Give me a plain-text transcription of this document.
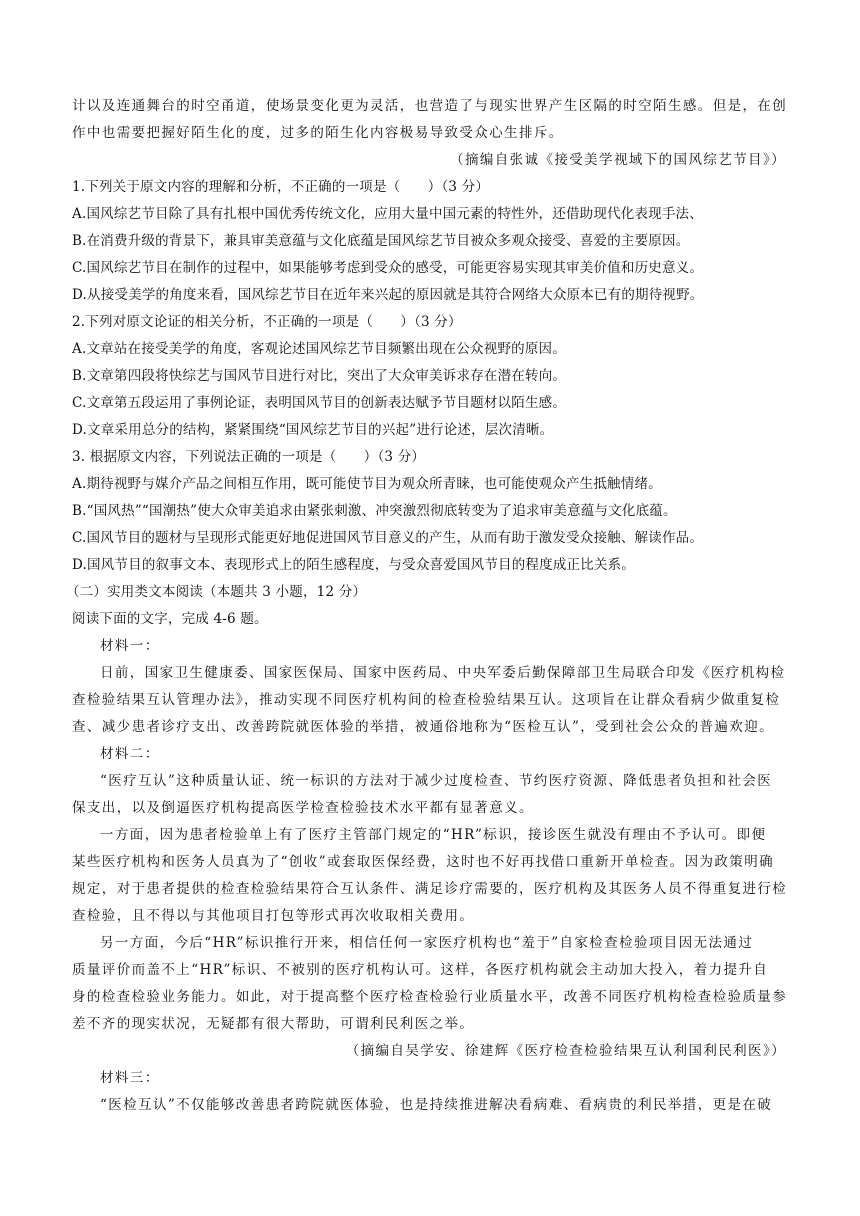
计以及连通舞台的时空甬道，使场景变化更为灵活，也营造了与现实世界产生区隔的时空陌生感。但是，在创
作中也需要把握好陌生化的度，过多的陌生化内容极易导致受众心生排斥。
（摘编自张诚《接受美学视域下的国风综艺节目》）
1.下列关于原文内容的理解和分析，不正确的一项是（　　）（3 分）
A.国风综艺节目除了具有扎根中国优秀传统文化，应用大量中国元素的特性外，还借助现代化表现手法、
B.在消费升级的背景下，兼具审美意蕴与文化底蕴是国风综艺节目被众多观众接受、喜爱的主要原因。
C.国风综艺节目在制作的过程中，如果能够考虑到受众的感受，可能更容易实现其审美价值和历史意义。
D.从接受美学的角度来看，国风综艺节目在近年来兴起的原因就是其符合网络大众原本已有的期待视野。
2.下列对原文论证的相关分析，不正确的一项是（　　）（3 分）
A.文章站在接受美学的角度，客观论述国风综艺节目频繁出现在公众视野的原因。
B.文章第四段将快综艺与国风节目进行对比，突出了大众审美诉求存在潜在转向。
C.文章第五段运用了事例论证，表明国风节目的创新表达赋予节目题材以陌生感。
D.文章采用总分的结构，紧紧围绕“国风综艺节目的兴起”进行论述，层次清晰。
3. 根据原文内容，下列说法正确的一项是（　　）（3 分）
A.期待视野与媒介产品之间相互作用，既可能使节目为观众所青睐，也可能使观众产生抵触情绪。
B.“国风热”“国潮热”使大众审美追求由紧张刺激、冲突激烈彻底转变为了追求审美意蕴与文化底蕴。
C.国风节目的题材与呈现形式能更好地促进国风节目意义的产生，从而有助于激发受众接触、解读作品。
D.国风节目的叙事文本、表现形式上的陌生感程度，与受众喜爱国风节目的程度成正比关系。
（二）实用类文本阅读（本题共 3 小题，12 分）
阅读下面的文字，完成 4-6 题。
材料一：
日前，国家卫生健康委、国家医保局、国家中医药局、中央军委后勤保障部卫生局联合印发《医疗机构检
查检验结果互认管理办法》，推动实现不同医疗机构间的检查检验结果互认。这项旨在让群众看病少做重复检
查、减少患者诊疗支出、改善跨院就医体验的举措，被通俗地称为“医检互认”，受到社会公众的普遍欢迎。
材料二：
“医疗互认”这种质量认证、统一标识的方法对于减少过度检查、节约医疗资源、降低患者负担和社会医
保支出，以及倒逼医疗机构提高医学检查检验技术水平都有显著意义。
一方面，因为患者检验单上有了医疗主管部门规定的“HR”标识，接诊医生就没有理由不予认可。即便
某些医疗机构和医务人员真为了“创收”或套取医保经费，这时也不好再找借口重新开单检查。因为政策明确
规定，对于患者提供的检查检验结果符合互认条件、满足诊疗需要的，医疗机构及其医务人员不得重复进行检
查检验，且不得以与其他项目打包等形式再次收取相关费用。
另一方面，今后“HR”标识推行开来，相信任何一家医疗机构也“羞于”自家检查检验项目因无法通过
质量评价而盖不上“HR”标识、不被别的医疗机构认可。这样，各医疗机构就会主动加大投入，着力提升自
身的检查检验业务能力。如此，对于提高整个医疗检查检验行业质量水平，改善不同医疗机构检查检验质量参
差不齐的现实状况，无疑都有很大帮助，可谓利民利医之举。
（摘编自吴学安、徐建辉《医疗检查检验结果互认利国利民利医》）
材料三：
“医检互认”不仅能够改善患者跨院就医体验，也是持续推进解决看病难、看病贵的利民举措，更是在破
